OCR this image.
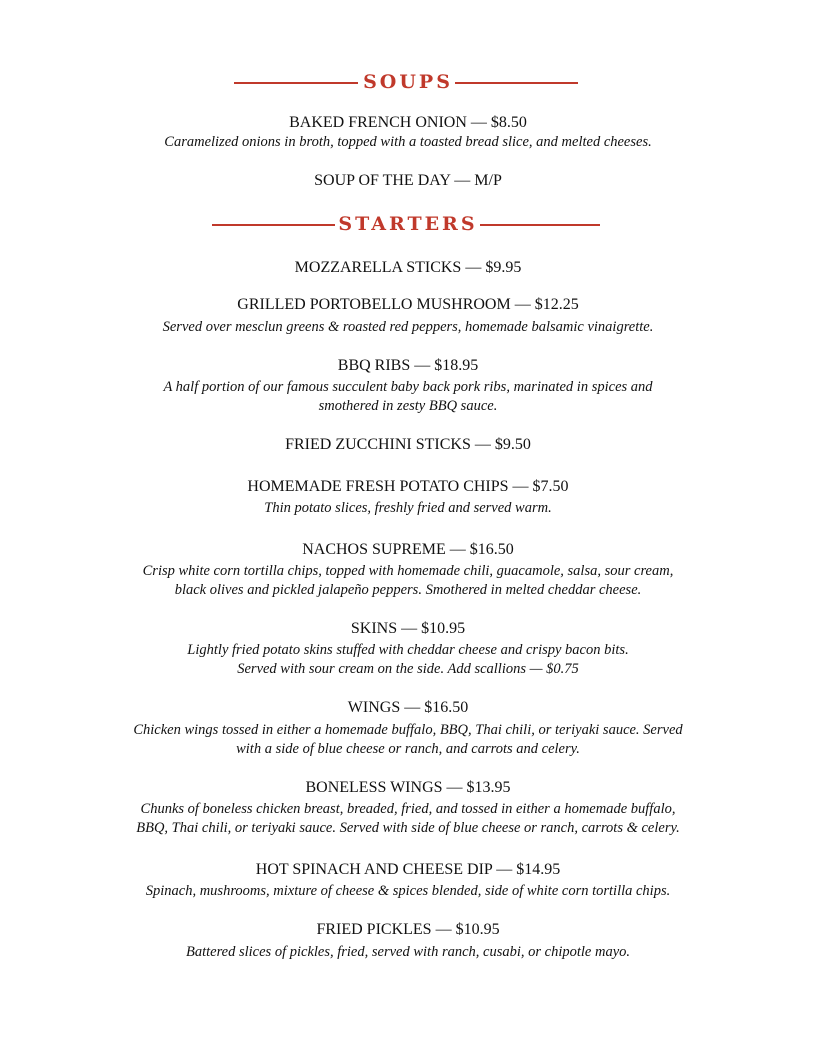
SOUPS
BAKED FRENCH ONION — $8.50
Caramelized onions in broth, topped with a toasted bread slice, and melted cheeses.
SOUP OF THE DAY — M/P
STARTERS
MOZZARELLA STICKS — $9.95
GRILLED PORTOBELLO MUSHROOM — $12.25
Served over mesclun greens & roasted red peppers, homemade balsamic vinaigrette.
BBQ RIBS — $18.95
A half portion of our famous succulent baby back pork ribs, marinated in spices and
smothered in zesty BBQ sauce.
FRIED ZUCCHINI STICKS — $9.50
HOMEMADE FRESH POTATO CHIPS — $7.50
Thin potato slices, freshly fried and served warm.
NACHOS SUPREME — $16.50
Crisp white corn tortilla chips, topped with homemade chili, guacamole, salsa, sour cream,
black olives and pickled jalapeño peppers. Smothered in melted cheddar cheese.
SKINS — $10.95
Lightly fried potato skins stuffed with cheddar cheese and crispy bacon bits.
Served with sour cream on the side. Add scallions — $0.75
WINGS — $16.50
Chicken wings tossed in either a homemade buffalo, BBQ, Thai chili, or teriyaki sauce. Served
with a side of blue cheese or ranch, and carrots and celery.
BONELESS WINGS — $13.95
Chunks of boneless chicken breast, breaded, fried, and tossed in either a homemade buffalo,
BBQ, Thai chili, or teriyaki sauce. Served with side of blue cheese or ranch, carrots & celery.
HOT SPINACH AND CHEESE DIP — $14.95
Spinach, mushrooms, mixture of cheese & spices blended, side of white corn tortilla chips.
FRIED PICKLES — $10.95
Battered slices of pickles, fried, served with ranch, cusabi, or chipotle mayo.
